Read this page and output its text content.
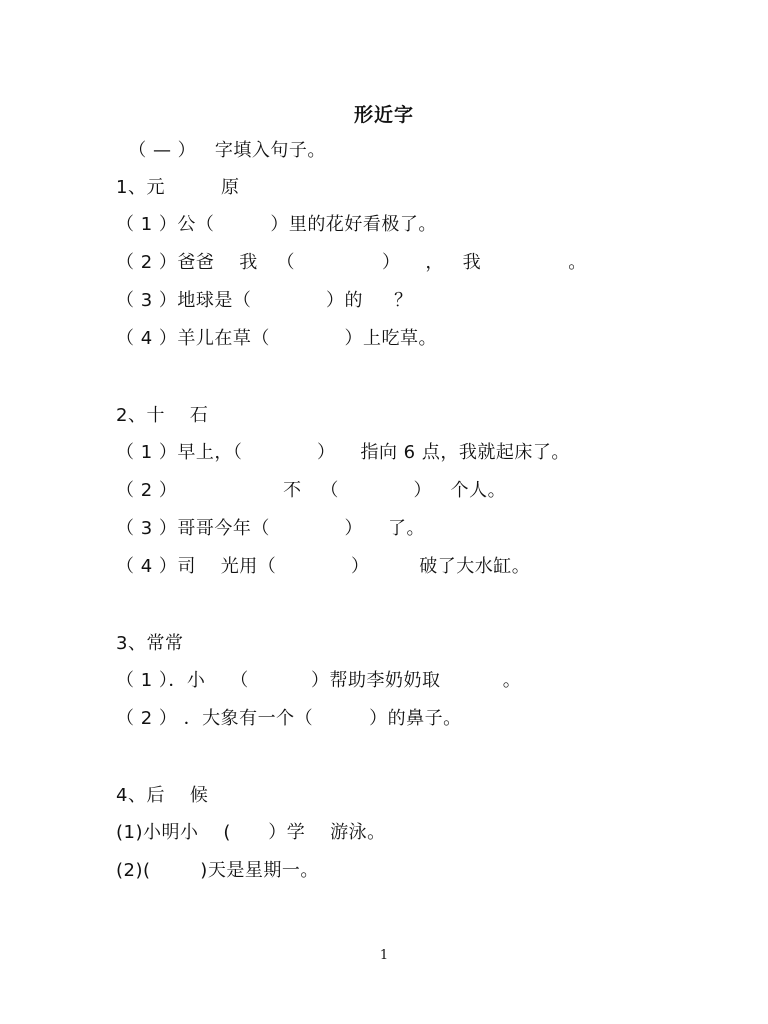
形近字
（ — ）   字填入句子。
1、元         原
（ 1 ）公（         ）里的花好看极了。
（ 2 ）爸爸    我   （              ）    ，   我              。
（ 3 ）地球是（            ）的     ？
（ 4 ）羊儿在草（            ）上吃草。
2、十    石
（ 1 ）早上，（            ）    指向 6 点，我就起床了。
（ 2 ）                 不   （            ）   个人。
（ 3 ）哥哥今年（            ）    了。
（ 4 ）司    光用（            ）        破了大水缸。
3、常常
（ 1 ）．小    （          ）帮助李奶奶取          。
（ 2 ） ．大象有一个（         ）的鼻子。
4、后    候
(1)小明小    (      ）学    游泳。
(2)(        )天是星期一。
1
